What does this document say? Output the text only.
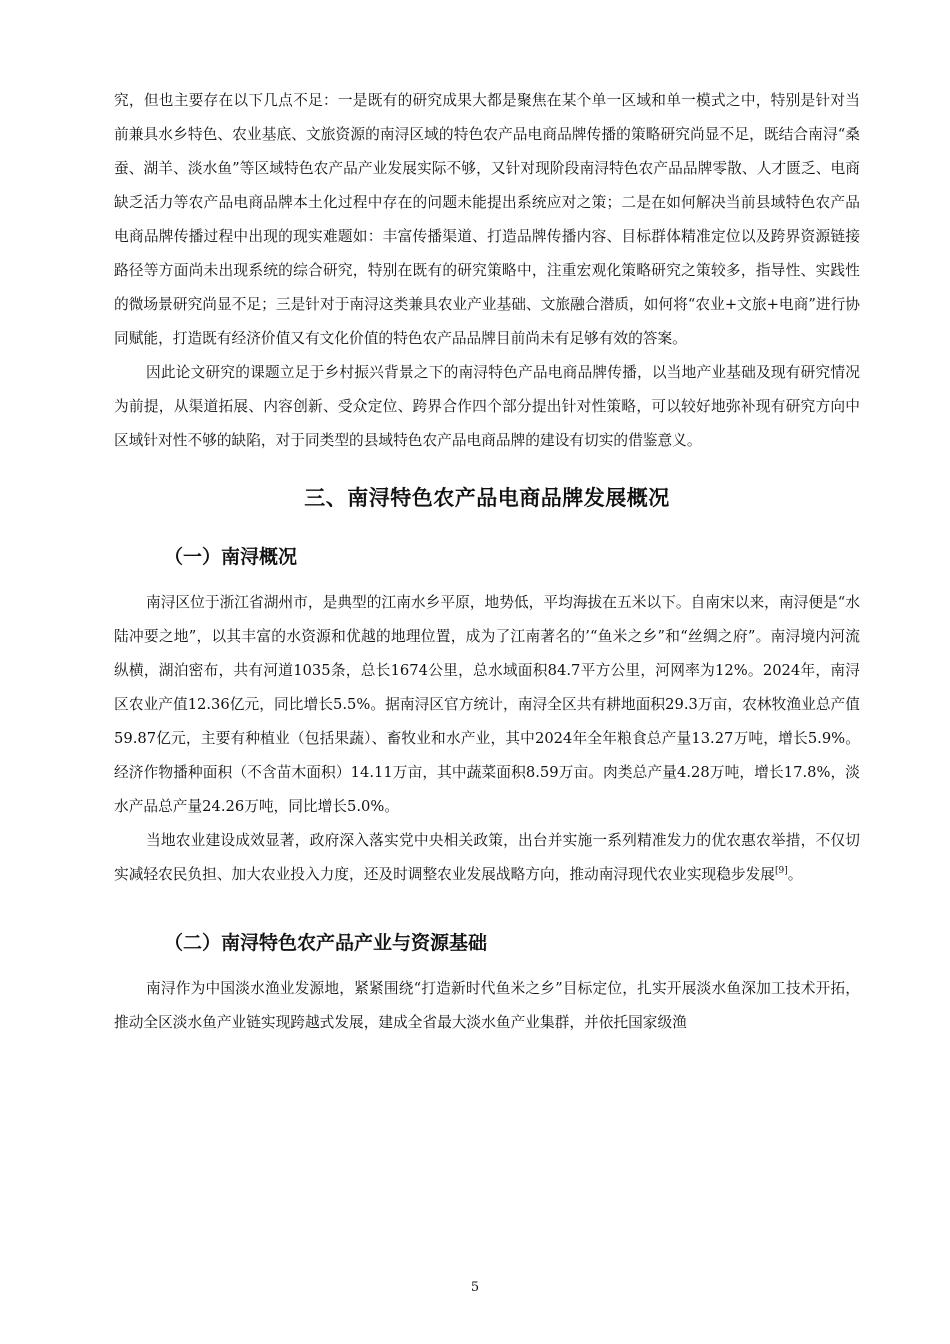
究，但也主要存在以下几点不足：一是既有的研究成果大都是聚焦在某个单一区域和单一模式之中，特别是针对当前兼具水乡特色、农业基底、文旅资源的南浔区域的特色农产品电商品牌传播的策略研究尚显不足，既结合南浔“桑蚕、湖羊、淡水鱼”等区域特色农产品产业发展实际不够，又针对现阶段南浔特色农产品品牌零散、人才匮乏、电商缺乏活力等农产品电商品牌本土化过程中存在的问题未能提出系统应对之策；二是在如何解决当前县域特色农产品电商品牌传播过程中出现的现实难题如：丰富传播渠道、打造品牌传播内容、目标群体精准定位以及跨界资源链接路径等方面尚未出现系统的综合研究，特别在既有的研究策略中，注重宏观化策略研究之策较多，指导性、实践性的微场景研究尚显不足；三是针对于南浔这类兼具农业产业基础、文旅融合潜质，如何将“农业+文旅+电商”进行协同赋能，打造既有经济价值又有文化价值的特色农产品品牌目前尚未有足够有效的答案。

因此论文研究的课题立足于乡村振兴背景之下的南浔特色产品电商品牌传播，以当地产业基础及现有研究情况为前提，从渠道拓展、内容创新、受众定位、跨界合作四个部分提出针对性策略，可以较好地弥补现有研究方向中区域针对性不够的缺陷，对于同类型的县域特色农产品电商品牌的建设有切实的借鉴意义。

三、南浔特色农产品电商品牌发展概况
（一）南浔概况

南浔区位于浙江省湖州市，是典型的江南水乡平原，地势低，平均海拔在五米以下。自南宋以来，南浔便是“水陆冲要之地”，以其丰富的水资源和优越的地理位置，成为了江南著名的’“鱼米之乡”和“丝绸之府”。南浔境内河流纵横，湖泊密布，共有河道1035条，总长1674公里，总水域面积84.7平方公里，河网率为12%。2024年，南浔区农业产值12.36亿元，同比增长5.5%。据南浔区官方统计，南浔全区共有耕地面积29.3万亩，农林牧渔业总产值59.87亿元，主要有种植业（包括果蔬）、畜牧业和水产业，其中2024年全年粮食总产量13.27万吨，增长5.9%。经济作物播种面积（不含苗木面积）14.11万亩，其中蔬菜面积8.59万亩。肉类总产量4.28万吨，增长17.8%，淡水产品总产量24.26万吨，同比增长5.0%。

当地农业建设成效显著，政府深入落实党中央相关政策，出台并实施一系列精准发力的优农惠农举措，不仅切实减轻农民负担、加大农业投入力度，还及时调整农业发展战略方向，推动南浔现代农业实现稳步发展[9]。

（二）南浔特色农产品产业与资源基础

南浔作为中国淡水渔业发源地，紧紧围绕“打造新时代鱼米之乡”目标定位，扎实开展淡水鱼深加工技术开拓，推动全区淡水鱼产业链实现跨越式发展，建成全省最大淡水鱼产业集群，并依托国家级渔

5
